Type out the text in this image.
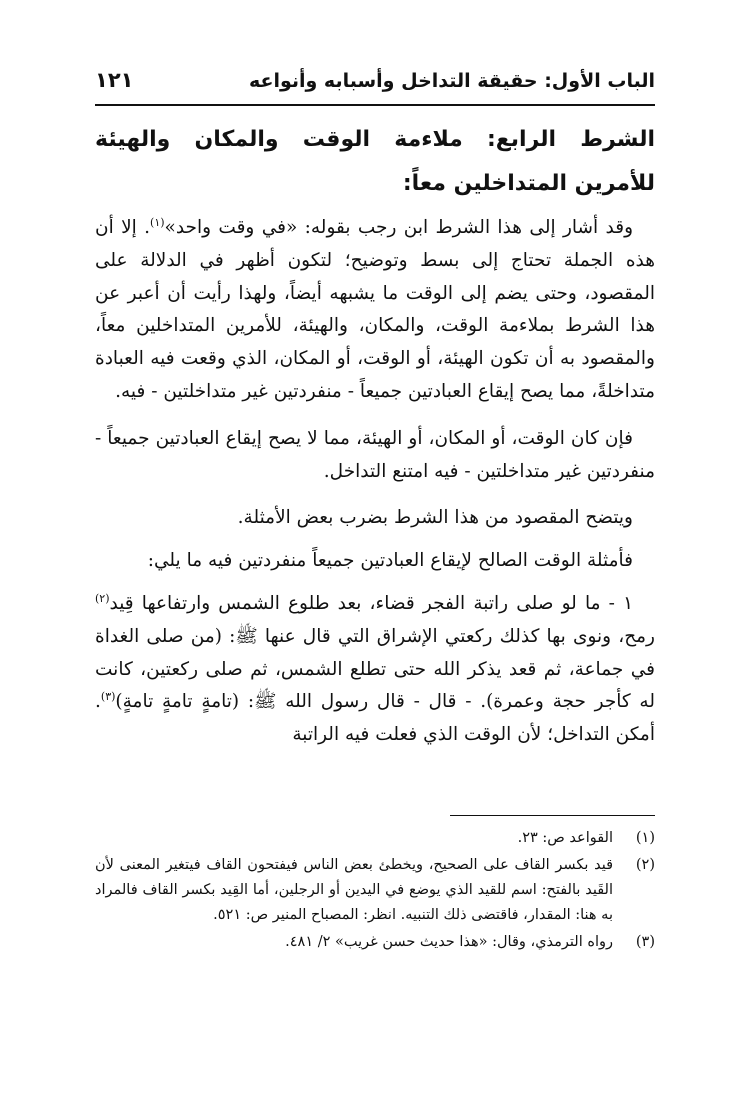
الباب الأول: حقيقة التداخل وأسبابه وأنواعه
١٢١
الشرط الرابع: ملاءمة الوقت والمكان والهيئة للأمرين المتداخلين معاً:

وقد أشار إلى هذا الشرط ابن رجب بقوله: «في وقت واحد»$^{(١)}$. إلا أن هذه الجملة تحتاج إلى بسط وتوضيح؛ لتكون أظهر في الدلالة على المقصود، وحتى يضم إلى الوقت ما يشبهه أيضاً، ولهذا رأيت أن أعبر عن هذا الشرط بملاءمة الوقت، والمكان، والهيئة، للأمرين المتداخلين معاً، والمقصود به أن تكون الهيئة، أو الوقت، أو المكان، الذي وقعت فيه العبادة متداخلةً، مما يصح إيقاع العبادتين جميعاً - منفردتين غير متداخلتين - فيه.

فإن كان الوقت، أو المكان، أو الهيئة، مما لا يصح إيقاع العبادتين جميعاً - منفردتين غير متداخلتين - فيه امتنع التداخل.

ويتضح المقصود من هذا الشرط بضرب بعض الأمثلة.

فأمثلة الوقت الصالح لإيقاع العبادتين جميعاً منفردتين فيه ما يلي:

١ - ما لو صلى راتبة الفجر قضاء، بعد طلوع الشمس وارتفاعها قِيد$^{(٢)}$ رمح، ونوى بها كذلك ركعتي الإشراق التي قال عنها ﷺ: (من صلى الغداة في جماعة، ثم قعد يذكر الله حتى تطلع الشمس، ثم صلى ركعتين، كانت له كأجر حجة وعمرة). - قال - قال رسول الله ﷺ: (تامةٍ تامةٍ تامةٍ)$^{(٣)}$. أمكن التداخل؛ لأن الوقت الذي فعلت فيه الراتبة

(١)
القواعد ص: ٢٣.
(٢)
قيد بكسر القاف على الصحيح، ويخطئ بعض الناس فيفتحون القاف فيتغير المعنى لأن القَيد بالفتح: اسم للقيد الذي يوضع في اليدين أو الرجلين، أما القِيد بكسر القاف فالمراد به هنا: المقدار، فاقتضى ذلك التنبيه. انظر: المصباح المنير ص: ٥٢١.
(٣)
رواه الترمذي، وقال: «هذا حديث حسن غريب» ٢/ ٤٨١.
